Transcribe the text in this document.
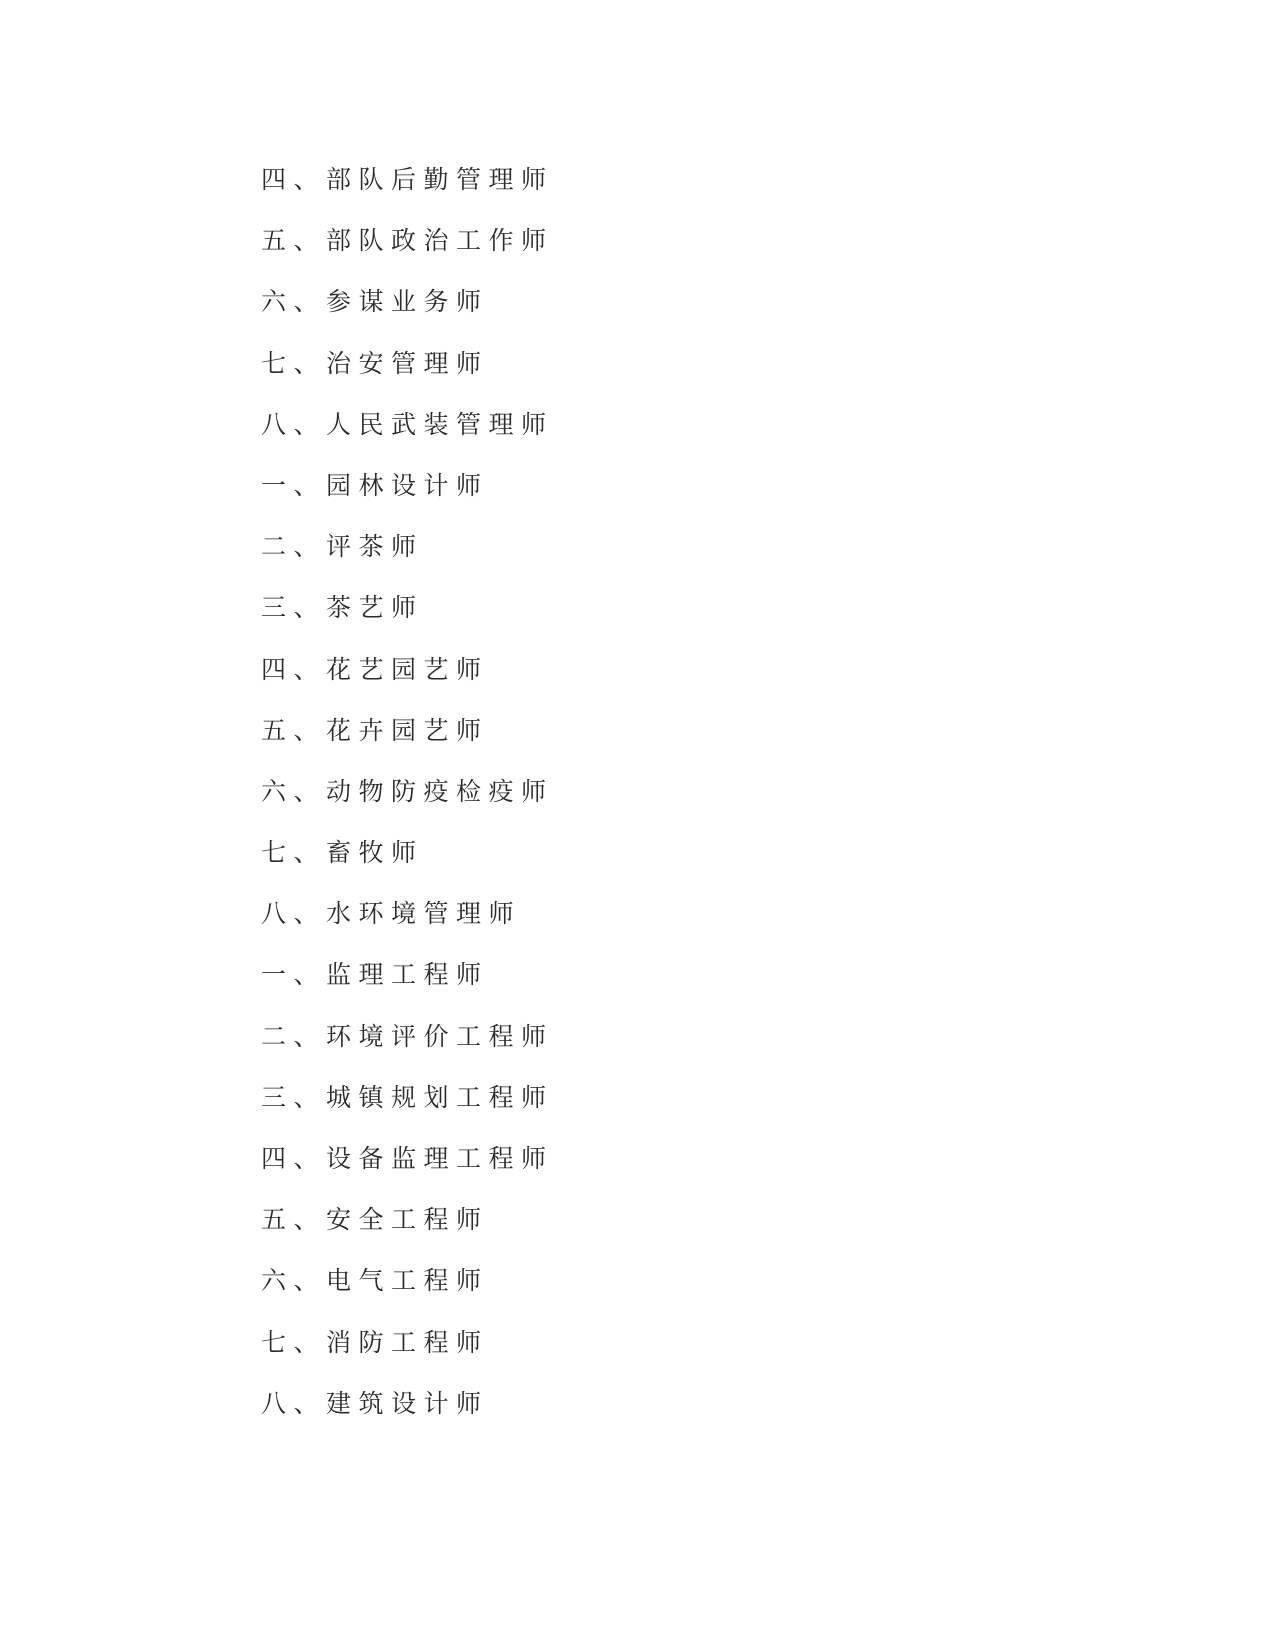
四、部队后勤管理师
五、部队政治工作师
六、参谋业务师
七、治安管理师
八、人民武装管理师
一、园林设计师
二、评茶师
三、茶艺师
四、花艺园艺师
五、花卉园艺师
六、动物防疫检疫师
七、畜牧师
八、水环境管理师
一、监理工程师
二、环境评价工程师
三、城镇规划工程师
四、设备监理工程师
五、安全工程师
六、电气工程师
七、消防工程师
八、建筑设计师
